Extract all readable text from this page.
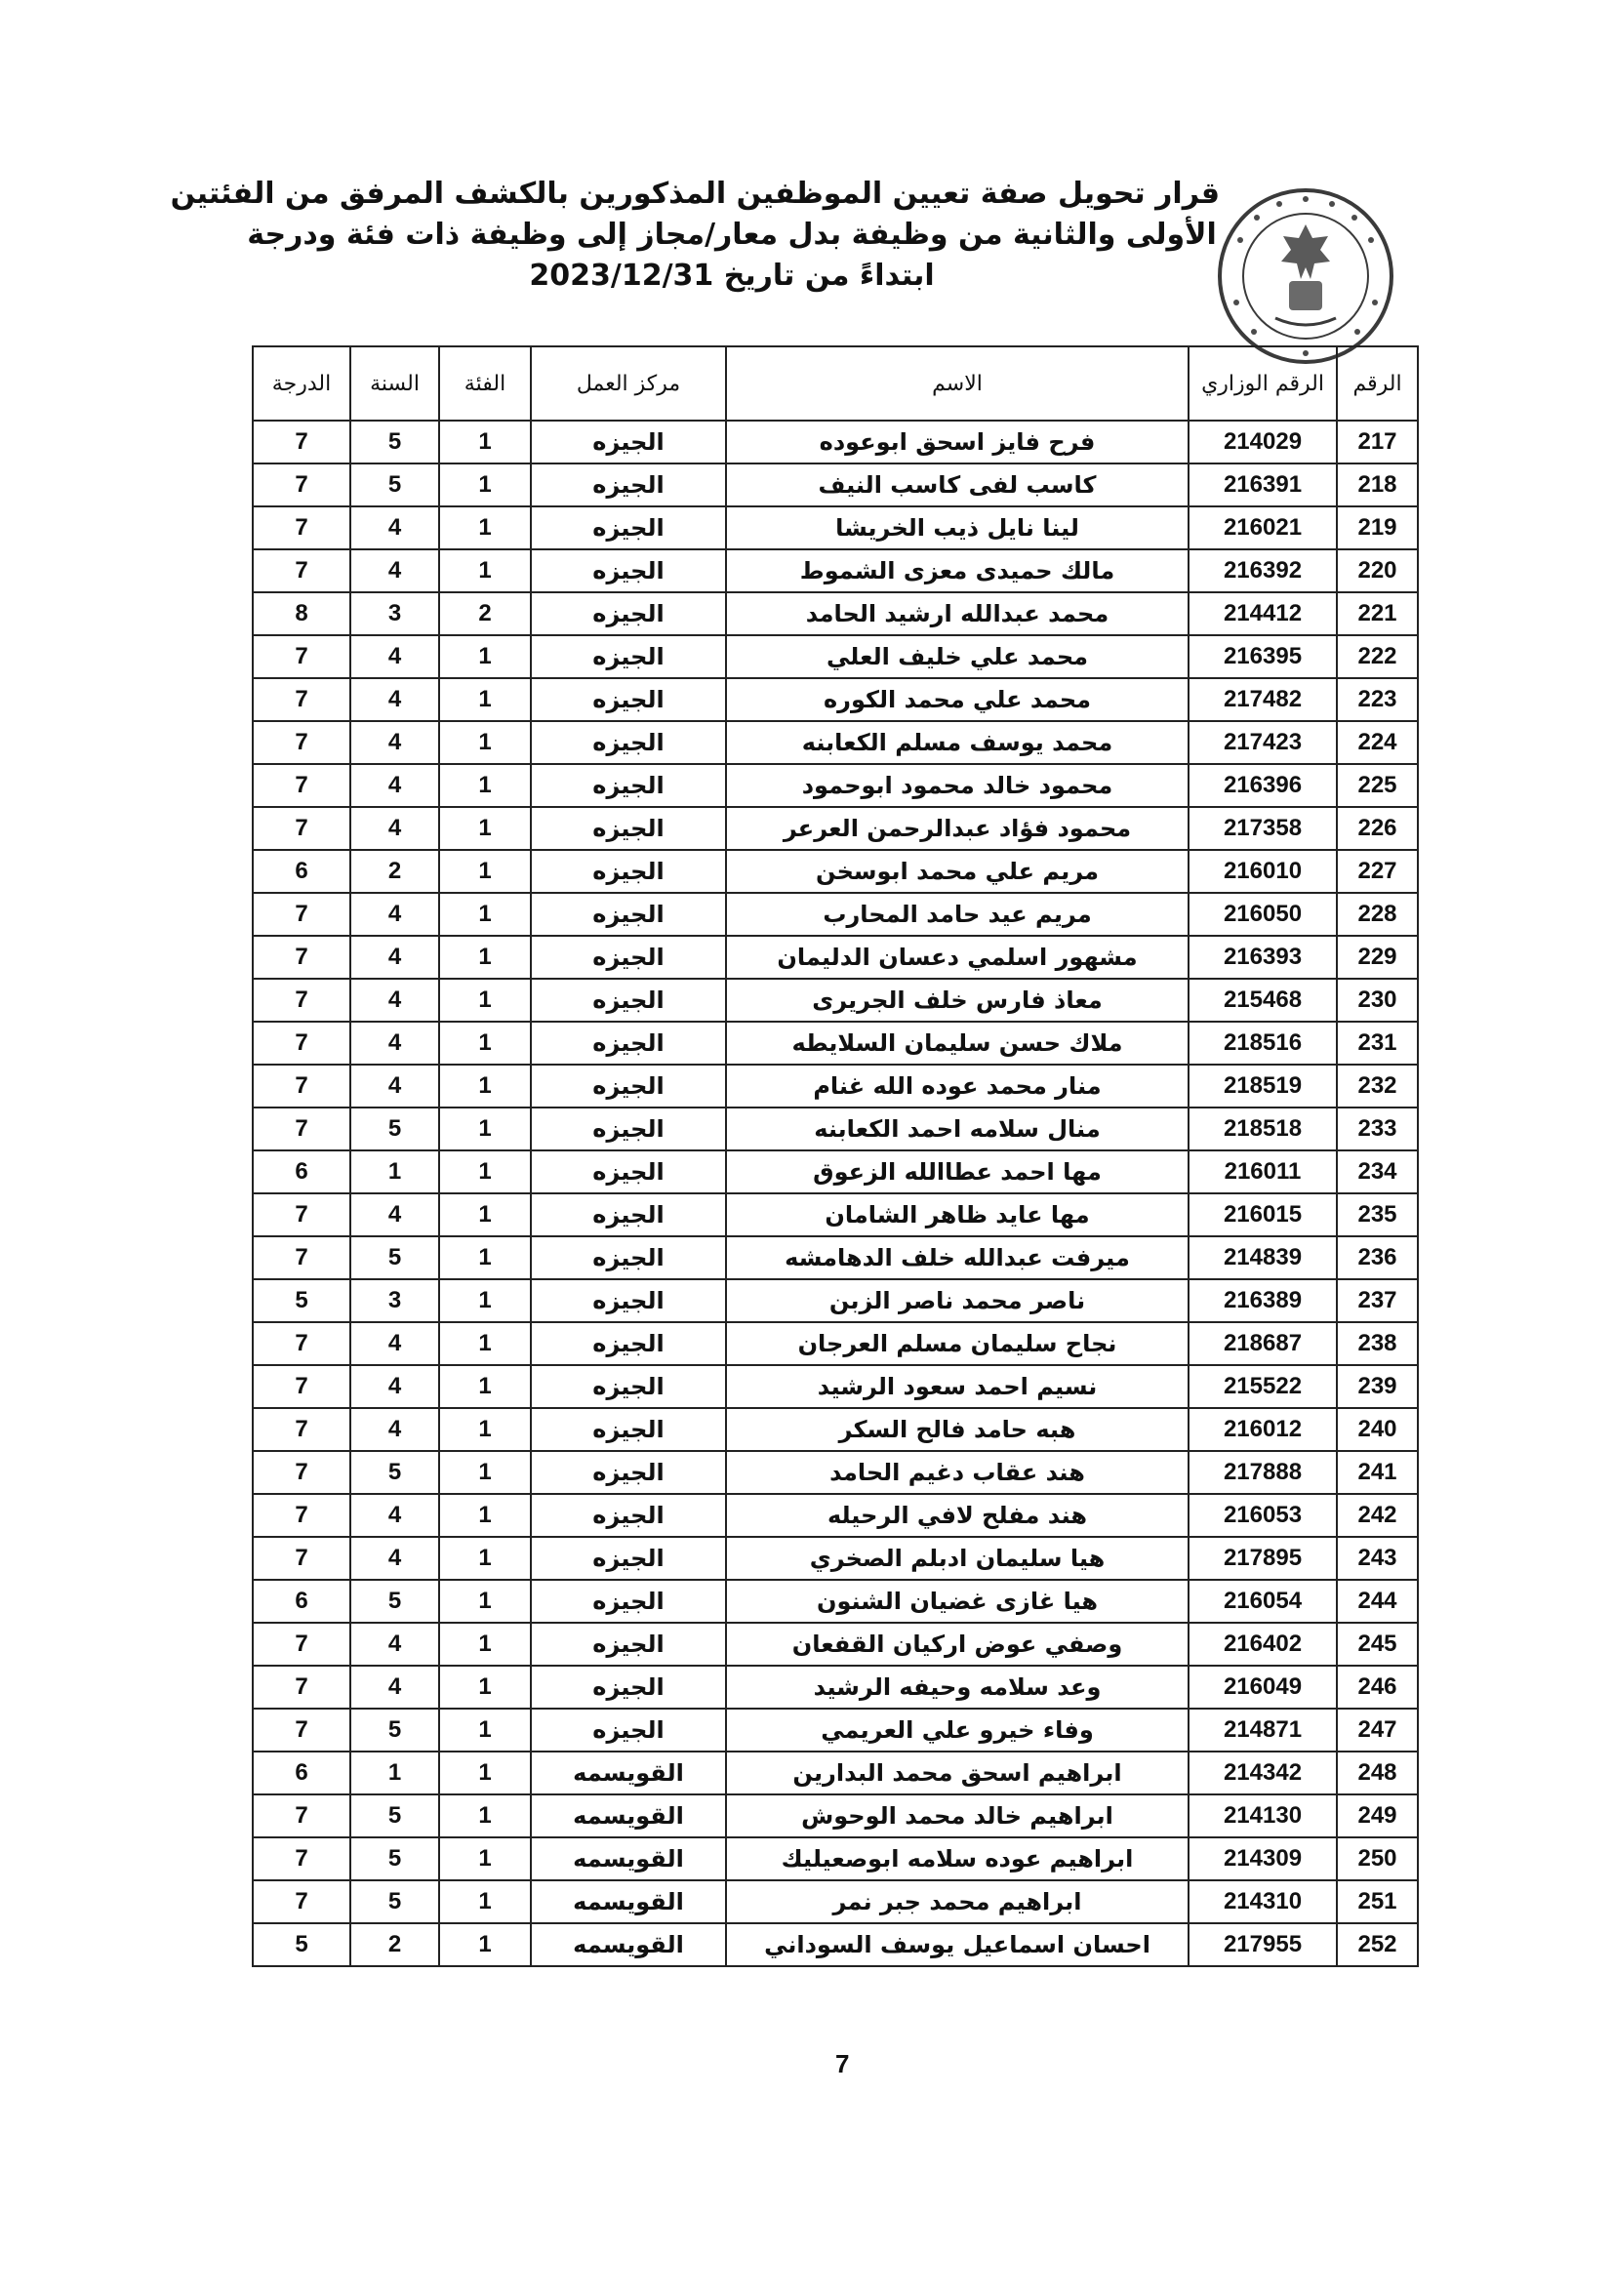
قرار تحويل صفة تعيين الموظفين المذكورين بالكشف المرفق من الفئتين
الأولى والثانية من وظيفة بدل معار/مجاز إلى وظيفة ذات فئة ودرجة
ابتداءً من تاريخ 2023/12/31
الرقم	الرقم الوزاري	الاسم	مركز العمل	الفئة	السنة	الدرجة
217	214029	فرح فايز اسحق ابوعوده	الجيزه	1	5	7
218	216391	كاسب لفى كاسب النيف	الجيزه	1	5	7
219	216021	لينا نايل ذيب الخريشا	الجيزه	1	4	7
220	216392	مالك حميدى معزى الشموط	الجيزه	1	4	7
221	214412	محمد عبدالله ارشيد الحامد	الجيزه	2	3	8
222	216395	محمد علي خليف العلي	الجيزه	1	4	7
223	217482	محمد علي محمد الكوره	الجيزه	1	4	7
224	217423	محمد يوسف مسلم الكعابنه	الجيزه	1	4	7
225	216396	محمود خالد محمود ابوحمود	الجيزه	1	4	7
226	217358	محمود فؤاد عبدالرحمن العرعر	الجيزه	1	4	7
227	216010	مريم علي محمد ابوسخن	الجيزه	1	2	6
228	216050	مريم عيد حامد المحارب	الجيزه	1	4	7
229	216393	مشهور اسلمي دعسان الدليمان	الجيزه	1	4	7
230	215468	معاذ فارس خلف الجريرى	الجيزه	1	4	7
231	218516	ملاك حسن سليمان السلايطه	الجيزه	1	4	7
232	218519	منار محمد عوده الله غنام	الجيزه	1	4	7
233	218518	منال سلامه احمد الكعابنه	الجيزه	1	5	7
234	216011	مها احمد عطاالله الزعوق	الجيزه	1	1	6
235	216015	مها عايد ظاهر الشامان	الجيزه	1	4	7
236	214839	ميرفت عبدالله خلف الدهامشه	الجيزه	1	5	7
237	216389	ناصر محمد ناصر الزبن	الجيزه	1	3	5
238	218687	نجاح سليمان مسلم العرجان	الجيزه	1	4	7
239	215522	نسيم احمد سعود الرشيد	الجيزه	1	4	7
240	216012	هبه حامد فالح السكر	الجيزه	1	4	7
241	217888	هند عقاب دغيم الحامد	الجيزه	1	5	7
242	216053	هند مفلح لافي الرحيله	الجيزه	1	4	7
243	217895	هيا سليمان ادبلم الصخري	الجيزه	1	4	7
244	216054	هيا غازى غضيان الشنون	الجيزه	1	5	6
245	216402	وصفي عوض اركيان القفعان	الجيزه	1	4	7
246	216049	وعد سلامه وحيفه الرشيد	الجيزه	1	4	7
247	214871	وفاء خيرو علي العريمي	الجيزه	1	5	7
248	214342	ابراهيم اسحق محمد البدارين	القويسمه	1	1	6
249	214130	ابراهيم خالد محمد الوحوش	القويسمه	1	5	7
250	214309	ابراهيم عوده سلامه ابوصعيليك	القويسمه	1	5	7
251	214310	ابراهيم محمد جبر نمر	القويسمه	1	5	7
252	217955	احسان اسماعيل يوسف السوداني	القويسمه	1	2	5
7
